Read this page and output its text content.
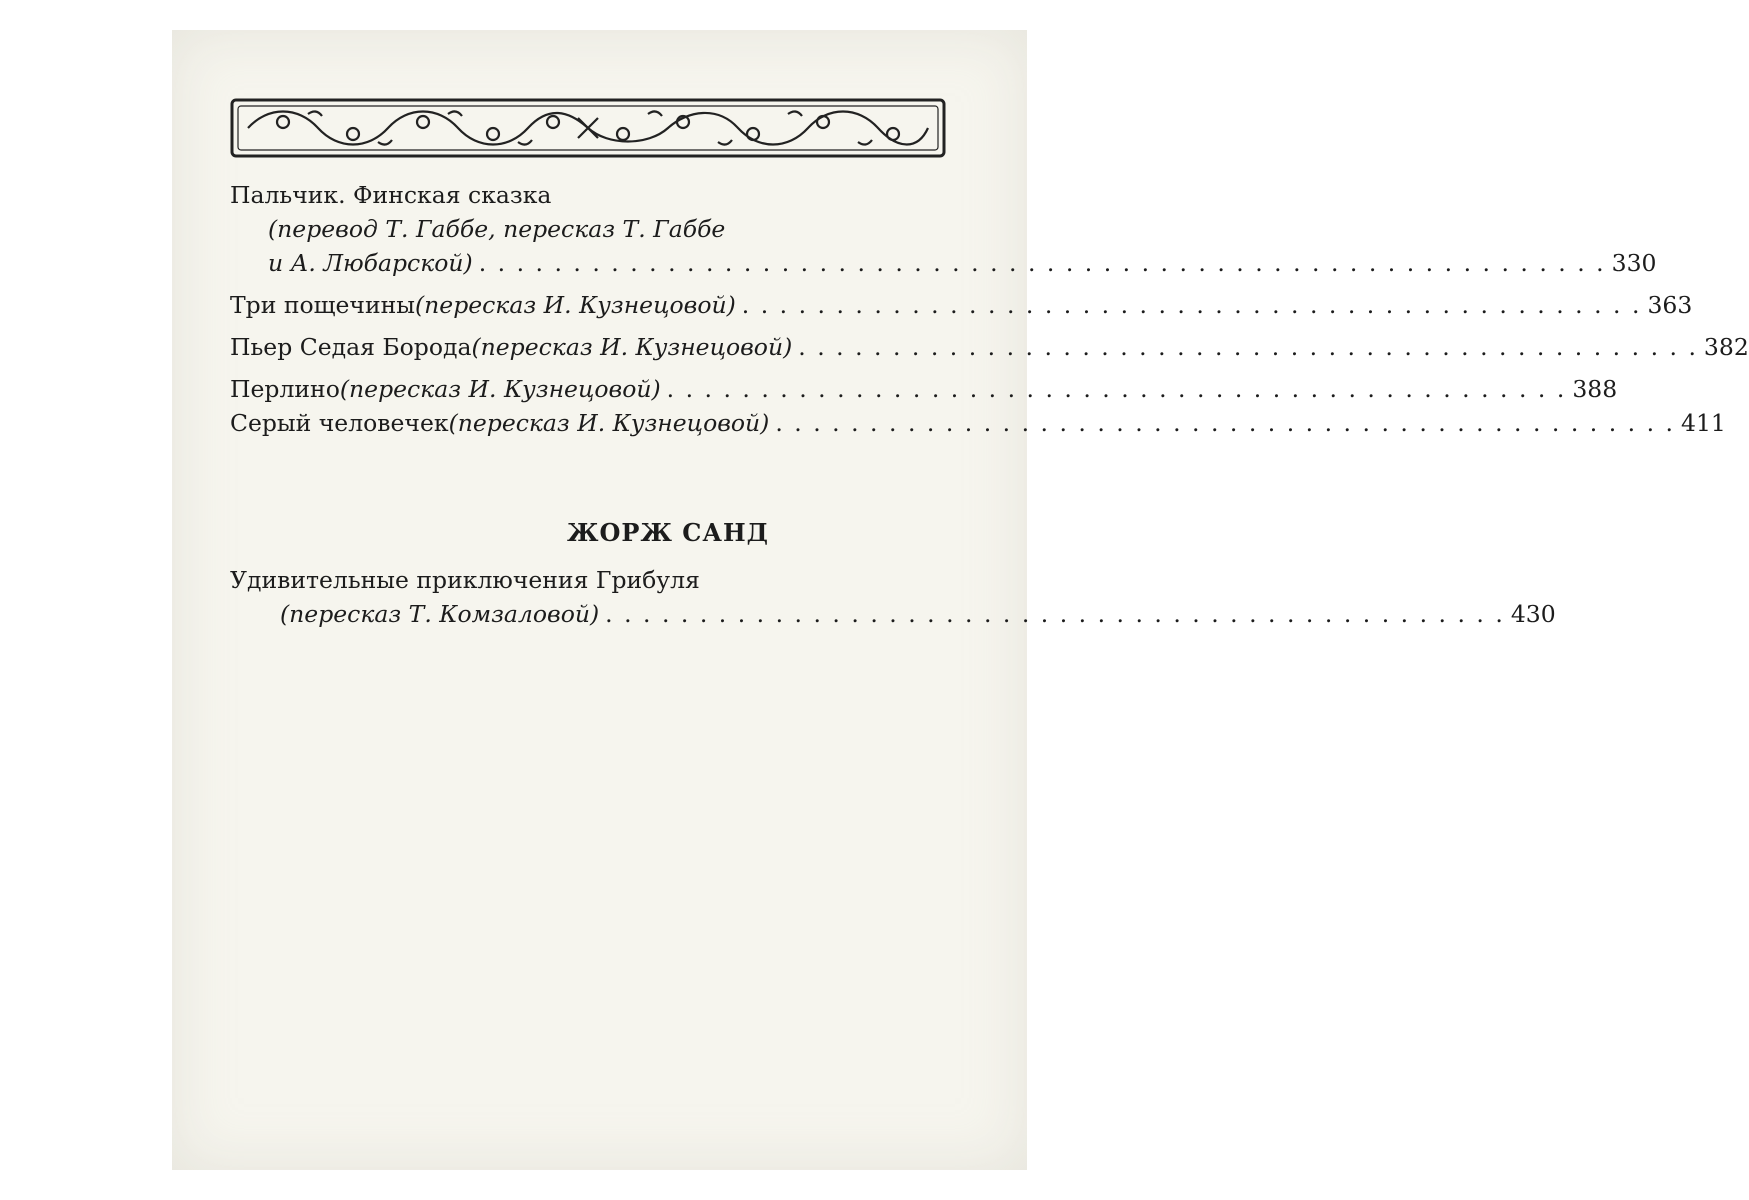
Пальчик. Финская сказка
(перевод Т. Габбе, пересказ Т. Габбе
и А. Любарской) . . . . . . . . . . . . . . . . . . . . . . . . . . . . . . . . . . . . . . . . . . . . . . . . . . . . . . . . . . . . 330
Три пощечины (пересказ И. Кузнецовой) . . . . . . . . . . . . . . . . . . . . . . . . . . . . . . . . . . . . . . . . . . . . . . . . 363
Пьер Седая Борода (пересказ И. Кузнецовой) . . . . . . . . . . . . . . . . . . . . . . . . . . . . . . . . . . . . . . . . . . . . . . . . 382
Перлино (пересказ И. Кузнецовой) . . . . . . . . . . . . . . . . . . . . . . . . . . . . . . . . . . . . . . . . . . . . . . . . 388
Серый человечек (пересказ И. Кузнецовой) . . . . . . . . . . . . . . . . . . . . . . . . . . . . . . . . . . . . . . . . . . . . . . . . 411
ЖОРЖ САНД
Удивительные приключения Грибуля
(пересказ Т. Комзаловой) . . . . . . . . . . . . . . . . . . . . . . . . . . . . . . . . . . . . . . . . . . . . . . . . 430
